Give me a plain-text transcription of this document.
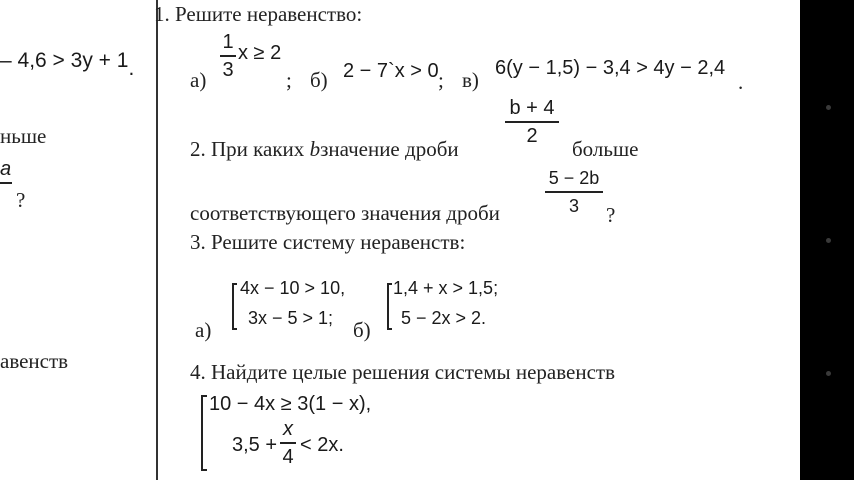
– 4,6 > 3y + 1.
ньше
a
?
авенств
1. Решите неравенство:
а)
1
3
x ≥ 2
; б) 2 − 7`x > 0 ; в) 6(y − 1,5) − 3,4 > 4y − 2,4
.
b + 4
2
2. При каких bзначение дроби	больше
5 − 2b
3
соответствующего значения дроби	?
3. Решите систему неравенств:
а)
4x − 10 > 10,
3x − 5 > 1; б)
1,4 + x > 1,5;
5 − 2x > 2.
4. Найдите целые решения системы неравенств
10 − 4x ≥ 3(1 − x),
3,5 +
x
4
< 2x.
